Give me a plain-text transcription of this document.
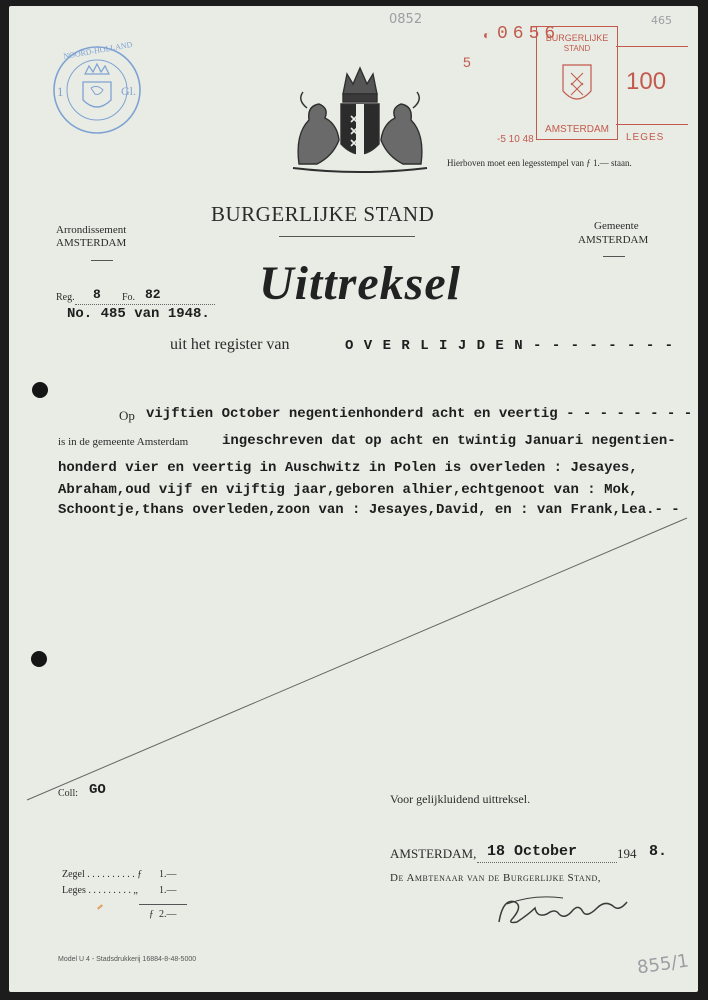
0852	465
855/1
NOORD-HOLLAND
1	Gl.
◐ 0656
5
BURGERLIJKE
STAND
AMSTERDAM
-5 10 48
100
LEGES
Hierboven moet een legesstempel van ƒ 1.— staan.
Arrondissement
AMSTERDAM
BURGERLIJKE STAND	Gemeente
AMSTERDAM
Uittreksel
Reg. 8 Fo. 82
No. 485 van 1948.
uit het register van	O V E R L I J D E N - - - - - - - -
Op vijftien October negentienhonderd acht en veertig - - - - - - - -
is in de gemeente Amsterdam ingeschreven dat op acht en twintig Januari negentien-
honderd vier en veertig in Auschwitz in Polen is overleden : Jesayes,
Abraham,oud vijf en vijftig jaar,geboren alhier,echtgenoot van : Mok,
Schoontje,thans overleden,zoon van : Jesayes,David, en : van Frank,Lea.- -
Coll: GO
Voor gelijkluidend uittreksel.
AMSTERDAM, 18 October	194 8.
De Ambtenaar van de Burgerlijke Stand,
Zegel . . . . . . . . . . ƒ 1.—
Leges . . . . . . . . . „ 1.—
ƒ 2.—
Model U 4 - Stadsdrukkerij 16884-8-48-5000
